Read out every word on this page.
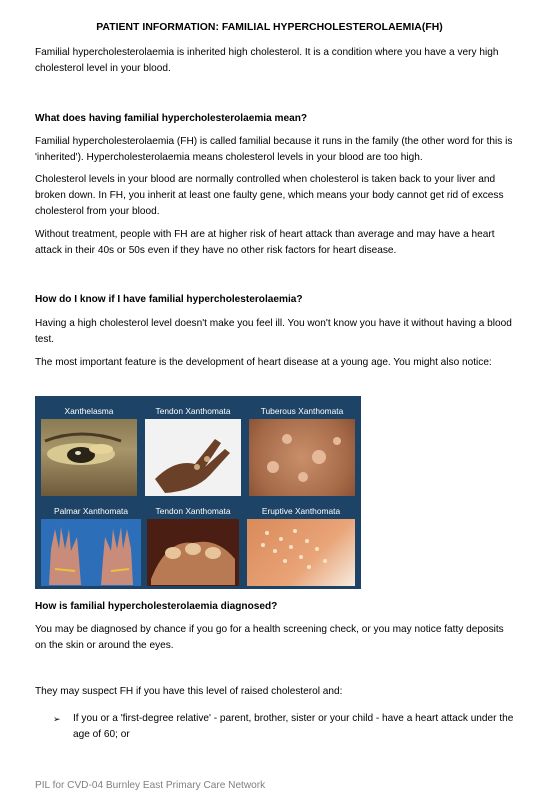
PATIENT INFORMATION: FAMILIAL HYPERCHOLESTEROLAEMIA(FH)

Familial hypercholesterolaemia is inherited high cholesterol. It is a condition where you have a very high cholesterol level in your blood.

What does having familial hypercholesterolaemia mean?

Familial hypercholesterolaemia (FH) is called familial because it runs in the family (the other word for this is 'inherited'). Hypercholesterolaemia means cholesterol levels in your blood are too high.

Cholesterol levels in your blood are normally controlled when cholesterol is taken back to your liver and broken down. In FH, you inherit at least one faulty gene, which means your body cannot get rid of excess cholesterol from your blood.

Without treatment, people with FH are at higher risk of heart attack than average and may have a heart attack in their 40s or 50s even if they have no other risk factors for heart disease.

How do I know if I have familial hypercholesterolaemia?

Having a high cholesterol level doesn't make you feel ill. You won't know you have it without having a blood test.

The most important feature is the development of heart disease at a young age. You might also notice:

Xanthelasma	Tendon Xanthomata	Tuberous Xanthomata
Palmar Xanthomata	Tendon Xanthomata	Eruptive Xanthomata
How is familial hypercholesterolaemia diagnosed?

You may be diagnosed by chance if you go for a health screening check, or you may notice fatty deposits on the skin or around the eyes.

They may suspect FH if you have this level of raised cholesterol and:

➢ If you or a 'first-degree relative' - parent, brother, sister or your child - have a heart attack under the age of 60; or
PIL for CVD-04 Burnley East Primary Care Network
